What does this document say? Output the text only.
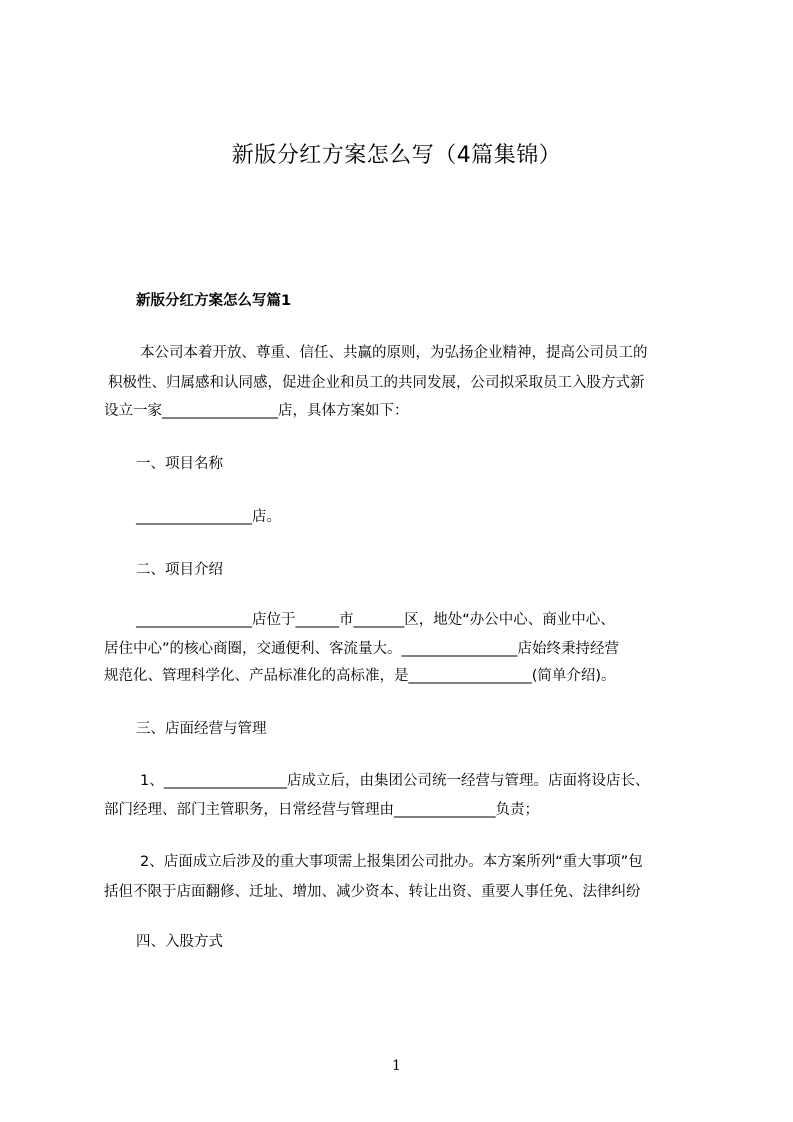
新版分红方案怎么写（4篇集锦）
新版分红方案怎么写篇1
本公司本着开放、尊重、信任、共赢的原则，为弘扬企业精神，提高公司员工的
积极性、归属感和认同感，促进企业和员工的共同发展，公司拟采取员工入股方式新
设立一家________________店，具体方案如下：
一、项目名称
________________店。
二、项目介绍
________________店位于______市_______区，地处“办公中心、商业中心、
居住中心”的核心商圈，交通便利、客流量大。________________店始终秉持经营
规范化、管理科学化、产品标准化的高标准，是_________________(简单介绍)。
三、店面经营与管理
1、_________________店成立后，由集团公司统一经营与管理。店面将设店长、
部门经理、部门主管职务，日常经营与管理由______________负责；
2、店面成立后涉及的重大事项需上报集团公司批办。本方案所列“重大事项”包
括但不限于店面翻修、迁址、增加、减少资本、转让出资、重要人事任免、法律纠纷
四、入股方式
1
